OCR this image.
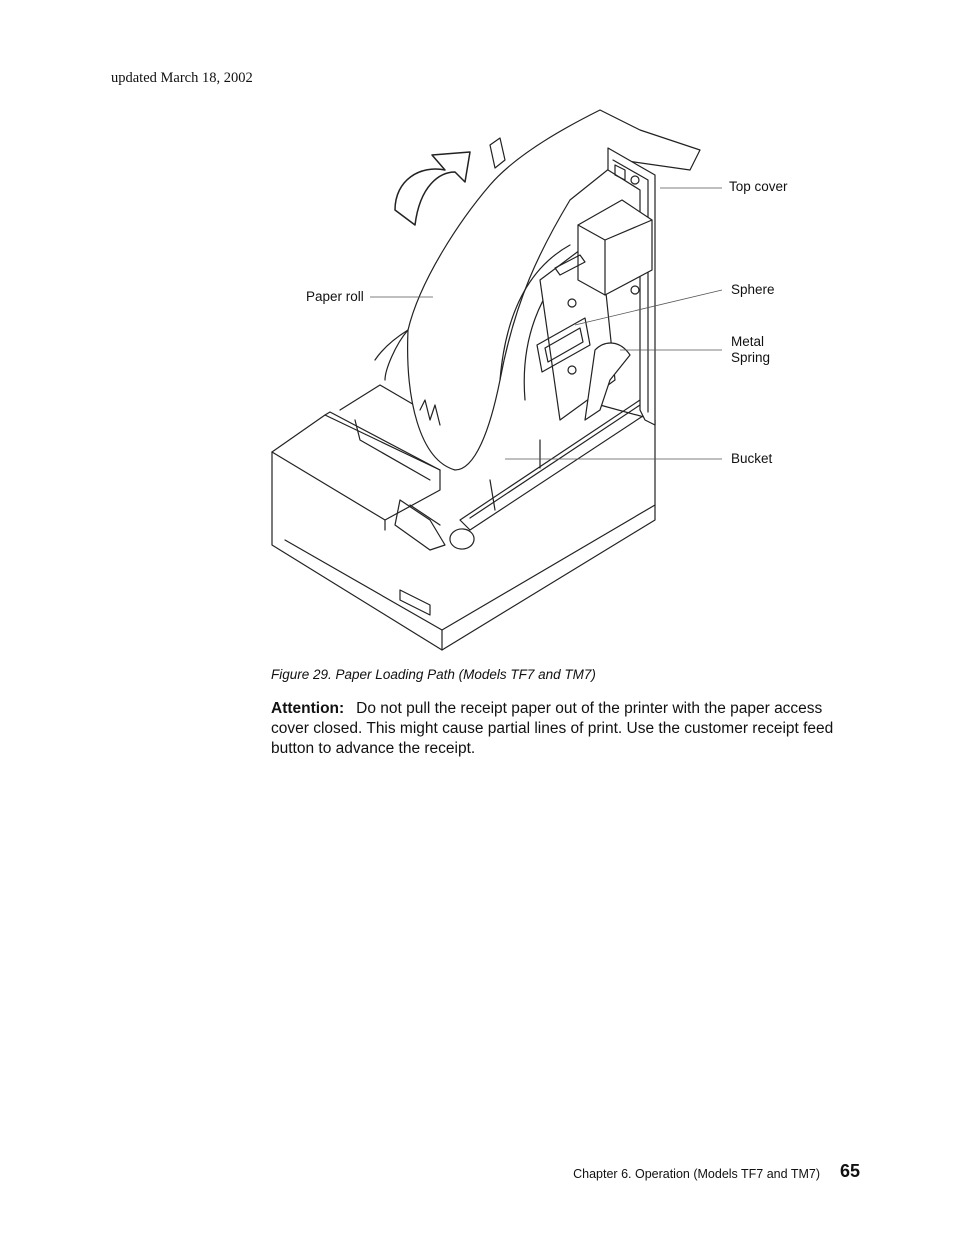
updated March 18, 2002
Top cover
Paper roll	Sphere
Metal
Spring
Bucket
Figure 29. Paper Loading Path (Models TF7 and TM7)
Attention: Do not pull the receipt paper out of the printer with the paper access cover closed. This might cause partial lines of print. Use the customer receipt feed button to advance the receipt.
Chapter 6. Operation (Models TF7 and TM7) 65
